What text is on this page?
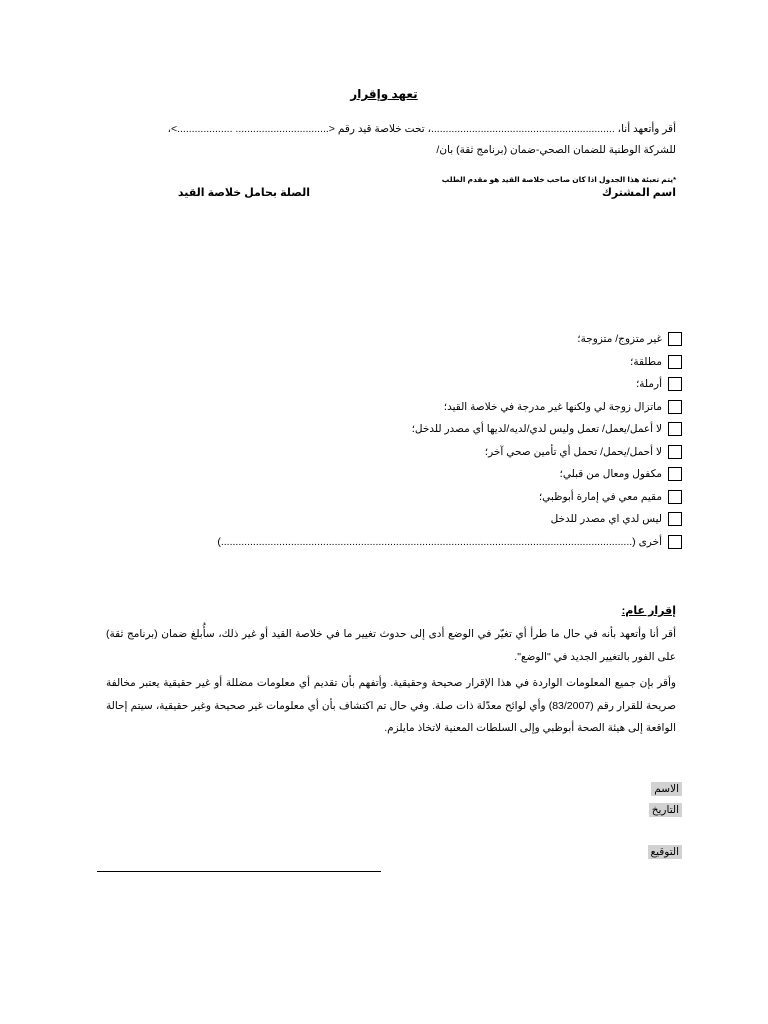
تعهد وإقرار
أقر وأتعهد أنا، ...............................................................، تحت خلاصة قيد رقم <................................ ...................>،
للشركة الوطنية للضمان الصحي-ضمان (برنامج ثقة) بان/
*يتم تعبئة هذا الجدول اذا كان صاحب خلاصة القيد هو مقدم الطلب
اسم المشترك
الصلة بحامل خلاصة القيد
غير متزوج/ متزوجة؛
مطلقة؛
أرملة؛
ماتزال زوجة لي ولكنها غير مدرجة في خلاصة القيد؛
لا أعمل/يعمل/ تعمل وليس لدي/لديه/لديها أي مصدر للدخل؛
لا أحمل/يحمل/ تحمل أي تأمين صحي آخر؛
مكفول ومعال من قبلي؛
مقيم معي في إمارة أبوظبي؛
ليس لدي اي مصدر للدخل
أخرى (.............................................................................................................................................)
إقرار عام:
أقر أنا وأتعهد بأنه في حال ما طرأ أي تغيّر في الوضع أدى إلى حدوث تغيير ما في خلاصة القيد أو غير ذلك، سأُبلغ ضمان (برنامج ثقة) على الفور بالتغيير الجديد في "الوضع".
وأقر بإن جميع المعلومات الواردة في هذا الإقرار صحيحة وحقيقية. وأتفهم بأن تقديم أي معلومات مضللة أو غير حقيقية يعتبر مخالفة صريحة للقرار رقم (83/2007) وأي لوائح معدّلة ذات صلة. وفي حال تم اكتشاف بأن أي معلومات غير صحيحة وغير حقيقية، سيتم إحالة الواقعة إلى هيئة الصحة أبوظبي وإلى السلطات المعنية لاتخاذ مايلزم.
الاسم
التاريخ
التوقيع
